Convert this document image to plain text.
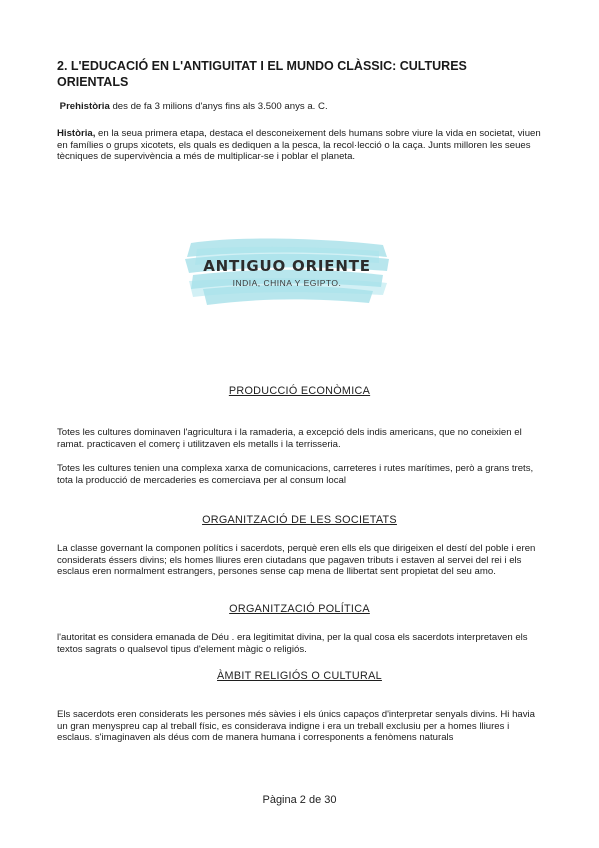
2. L'EDUCACIÓ EN L'ANTIGUITAT I EL MUNDO CLÀSSIC: CULTURES ORIENTALS

Prehistòria des de fa 3 milions d'anys fins als 3.500 anys a. C.

Història, en la seua primera etapa, destaca el desconeixement dels humans sobre viure la vida en societat, viuen en famílies o grups xicotets, els quals es dediquen a la pesca, la recol·lecció o la caça. Junts milloren les seues tècniques de supervivència a més de multiplicar-se i poblar el planeta.

ANTIGUO ORIENTE
INDIA, CHINA Y EGIPTO.
PRODUCCIÓ ECONÒMICA

Totes les cultures dominaven l'agricultura i la ramaderia, a excepció dels indis americans, que no coneixien el ramat. practicaven el comerç i utilitzaven els metalls i la terrisseria.

Totes les cultures tenien una complexa xarxa de comunicacions, carreteres i rutes marítimes, però a grans trets, tota la producció de mercaderies es comerciava per al consum local

ORGANITZACIÓ DE LES SOCIETATS

La classe governant la componen polítics i sacerdots, perquè eren ells els que dirigeixen el destí del poble i eren considerats éssers divins; els homes lliures eren ciutadans que pagaven tributs i estaven al servei del rei i els esclaus eren normalment estrangers, persones sense cap mena de llibertat sent propietat del seu amo.

ORGANITZACIÓ POLÍTICA

l'autoritat es considera emanada de Déu . era legitimitat divina, per la qual cosa els sacerdots interpretaven els textos sagrats o qualsevol tipus d'element màgic o religiós.

ÀMBIT RELIGIÓS O CULTURAL

Els sacerdots eren considerats les persones més sàvies i els únics capaços d'interpretar senyals divins. Hi havia un gran menyspreu cap al treball físic, es considerava indigne i era un treball exclusiu per a homes lliures i esclaus. s'imaginaven als déus com de manera humana i corresponents a fenòmens naturals

Pàgina 2 de 30
